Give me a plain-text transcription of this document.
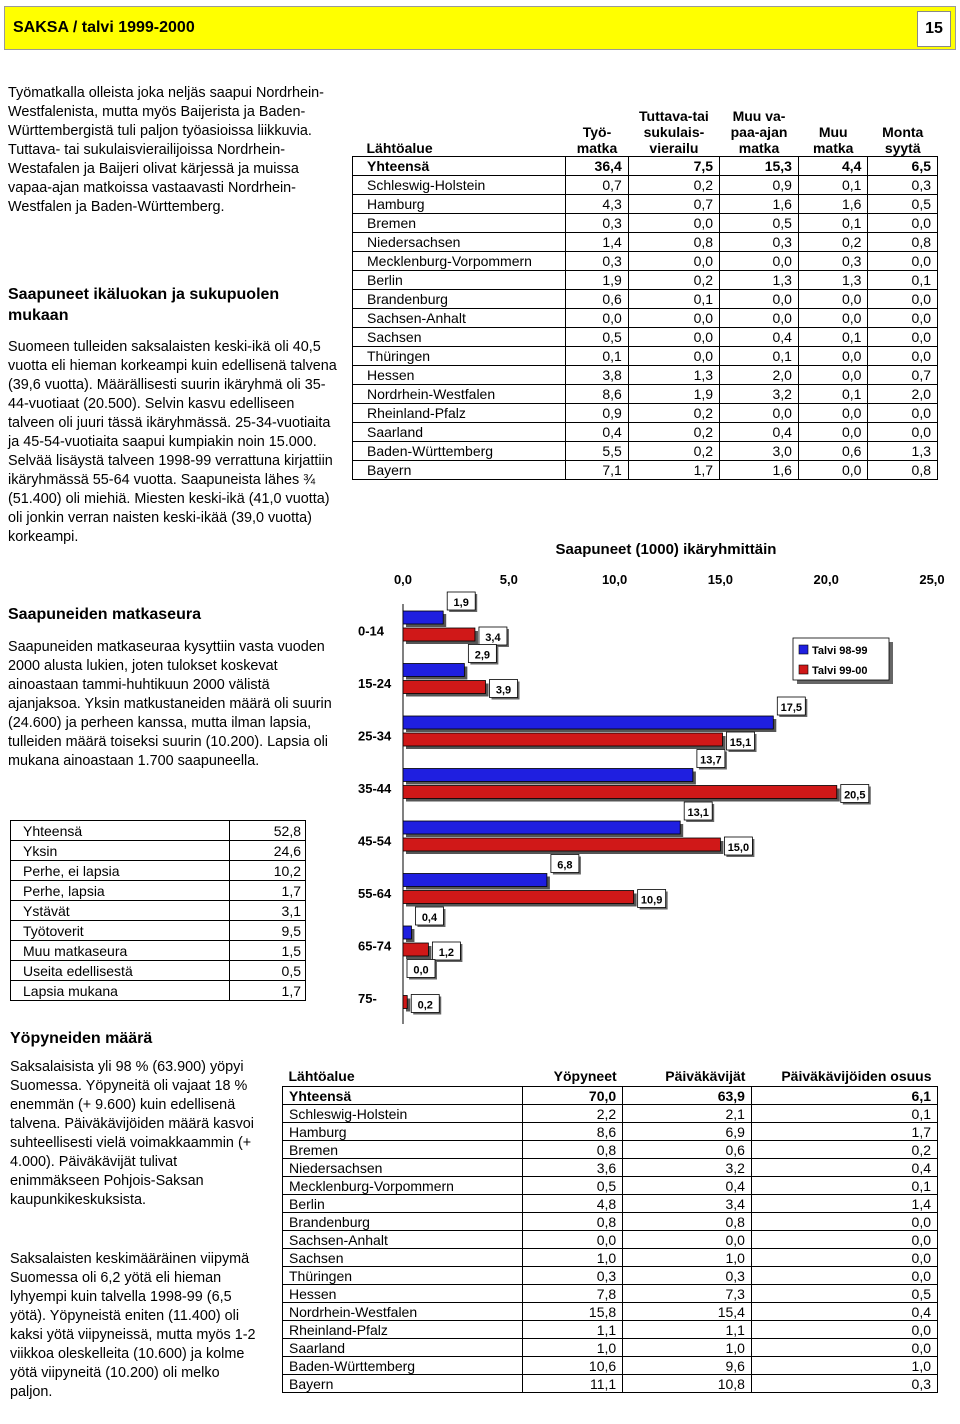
SAKSA / talvi 1999-2000	15

Työmatkalla olleista joka neljäs saapui Nordrhein-Westfalenista, mutta myös Baijerista ja Baden-Württembergistä tuli paljon työasioissa liikkuvia. Tuttava- tai sukulaisvierailijoissa Nordrhein-Westafalen ja Baijeri olivat kärjessä ja muissa vapaa-ajan matkoissa vastaavasti Nordrhein-Westfalen ja Baden-Württemberg.

Saapuneet ikäluokan ja sukupuolen mukaan
Suomeen tulleiden saksalaisten keski-ikä oli 40,5 vuotta eli hieman korkeampi kuin edellisenä talvena (39,6 vuotta). Määrällisesti suurin ikäryhmä oli 35-44-vuotiaat (20.500). Selvin kasvu edelliseen talveen oli juuri tässä ikäryhmässä. 25-34-vuotiaita ja 45-54-vuotiaita saapui kumpiakin noin 15.000. Selvää lisäystä talveen 1998-99 verrattuna kirjattiin ikäryhmässä 55-64 vuotta. Saapuneista lähes ¾ (51.400) oli miehiä. Miesten keski-ikä (41,0 vuotta) oli jonkin verran naisten keski-ikää (39,0 vuotta) korkeampi.
Saapuneiden matkaseura
Saapuneiden matkaseuraa kysyttiin vasta vuoden 2000 alusta lukien, joten tulokset koskevat ainoastaan tammi-huhtikuun 2000 välistä ajanjaksoa. Yksin matkustaneiden määrä oli suurin (24.600) ja perheen kanssa, mutta ilman lapsia, tulleiden määrä toiseksi suurin (10.200). Lapsia oli mukana ainoastaan 1.700 saapuneella.
Lähtöalue	Työ-matka	Tuttava-tai sukulais-vierailu	Muu va-paa-ajan matka	Muu matka	Monta syytä
Yhteensä	36,4	7,5	15,3	4,4	6,5
Schleswig-Holstein	0,7	0,2	0,9	0,1	0,3
Hamburg	4,3	0,7	1,6	1,6	0,5
Bremen	0,3	0,0	0,5	0,1	0,0
Niedersachsen	1,4	0,8	0,3	0,2	0,8
Mecklenburg-Vorpommern	0,3	0,0	0,0	0,3	0,0
Berlin	1,9	0,2	1,3	1,3	0,1
Brandenburg	0,6	0,1	0,0	0,0	0,0
Sachsen-Anhalt	0,0	0,0	0,0	0,0	0,0
Sachsen	0,5	0,0	0,4	0,1	0,0
Thüringen	0,1	0,0	0,1	0,0	0,0
Hessen	3,8	1,3	2,0	0,0	0,7
Nordrhein-Westfalen	8,6	1,9	3,2	0,1	2,0
Rheinland-Pfalz	0,9	0,2	0,0	0,0	0,0
Saarland	0,4	0,2	0,4	0,0	0,0
Baden-Württemberg	5,5	0,2	3,0	0,6	1,3
Bayern	7,1	1,7	1,6	0,0	0,8
Saapuneet (1000) ikäryhmittäin
0,0	5,0	10,0	15,0	20,0	25,0
0-14
1,9
3,4
15-24
2,9
3,9
25-34
17,5
15,1
35-44
13,7
20,5
45-54
13,1
15,0
55-64
6,8
10,9
65-74
0,4
1,2
75-
0,0
0,2
Talvi 98-99
Talvi 99-00
Yhteensä	52,8
Yksin	24,6
Perhe, ei lapsia	10,2
Perhe, lapsia	1,7
Ystävät	3,1
Työtoverit	9,5
Muu matkaseura	1,5
Useita edellisestä	0,5
Lapsia mukana	1,7
Yöpyneiden määrä
Saksalaisista yli 98 % (63.900) yöpyi Suomessa. Yöpyneitä oli vajaat 18 % enemmän (+ 9.600) kuin edellisenä talvena. Päiväkävijöiden määrä kasvoi suhteellisesti vielä voimakkaammin (+ 4.000). Päiväkävijät tulivat enimmäkseen Pohjois-Saksan kaupunkikeskuksista.
Saksalaisten keskimääräinen viipymä Suomessa oli 6,2 yötä eli hieman lyhyempi kuin talvella 1998-99 (6,5 yötä). Yöpyneistä eniten (11.400) oli kaksi yötä viipyneissä, mutta myös 1-2 viikkoa oleskelleita (10.600) ja kolme yötä viipyneitä (10.200) oli melko paljon.
Lähtöalue	Yöpyneet	Päiväkävijät	Päiväkävijöiden osuus
Yhteensä	70,0	63,9	6,1
Schleswig-Holstein	2,2	2,1	0,1
Hamburg	8,6	6,9	1,7
Bremen	0,8	0,6	0,2
Niedersachsen	3,6	3,2	0,4
Mecklenburg-Vorpommern	0,5	0,4	0,1
Berlin	4,8	3,4	1,4
Brandenburg	0,8	0,8	0,0
Sachsen-Anhalt	0,0	0,0	0,0
Sachsen	1,0	1,0	0,0
Thüringen	0,3	0,3	0,0
Hessen	7,8	7,3	0,5
Nordrhein-Westfalen	15,8	15,4	0,4
Rheinland-Pfalz	1,1	1,1	0,0
Saarland	1,0	1,0	0,0
Baden-Württemberg	10,6	9,6	1,0
Bayern	11,1	10,8	0,3
